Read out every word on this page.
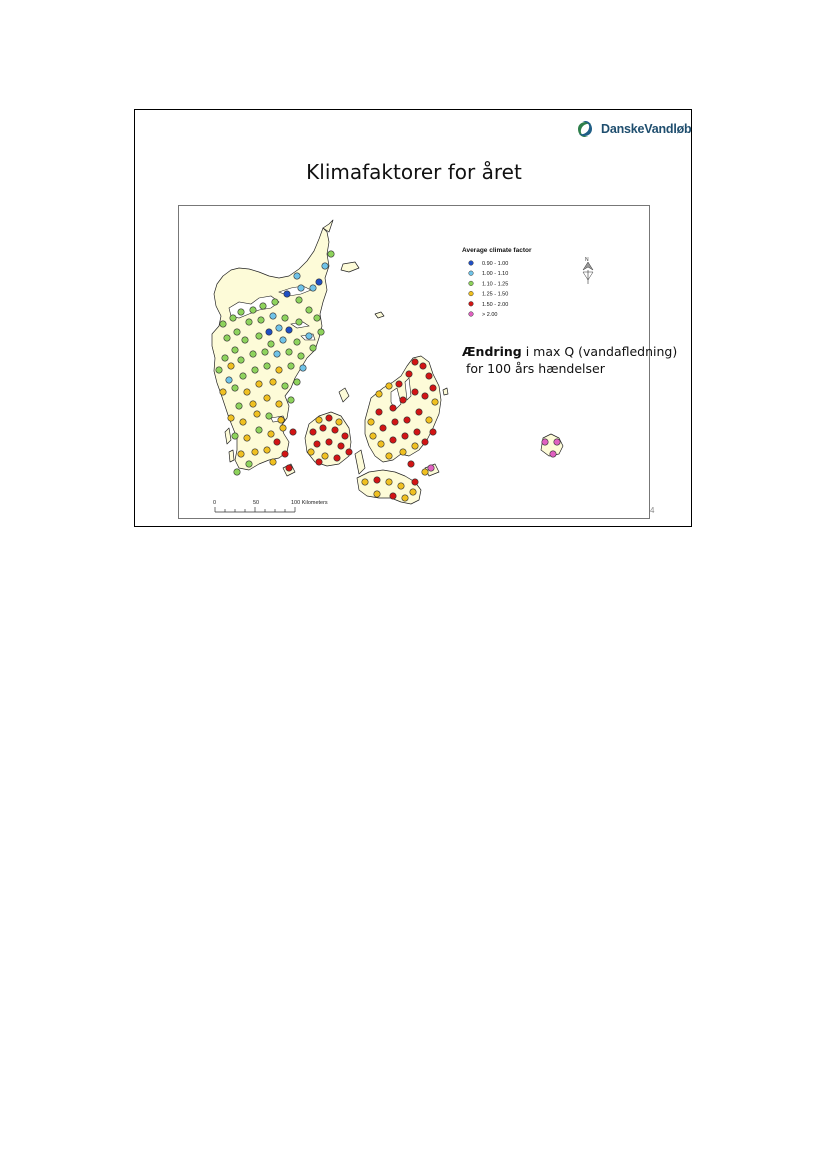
DanskeVandløb
Klimafaktorer for året
Average climate factor
0.90 - 1.00
1.00 - 1.10
1.10 - 1.25
1.25 - 1.50
1.50 - 2.00
> 2.00
N
0	50	100 Kilometers
4
Ændring i max Q (vandafledning)
for 100 års hændelser
